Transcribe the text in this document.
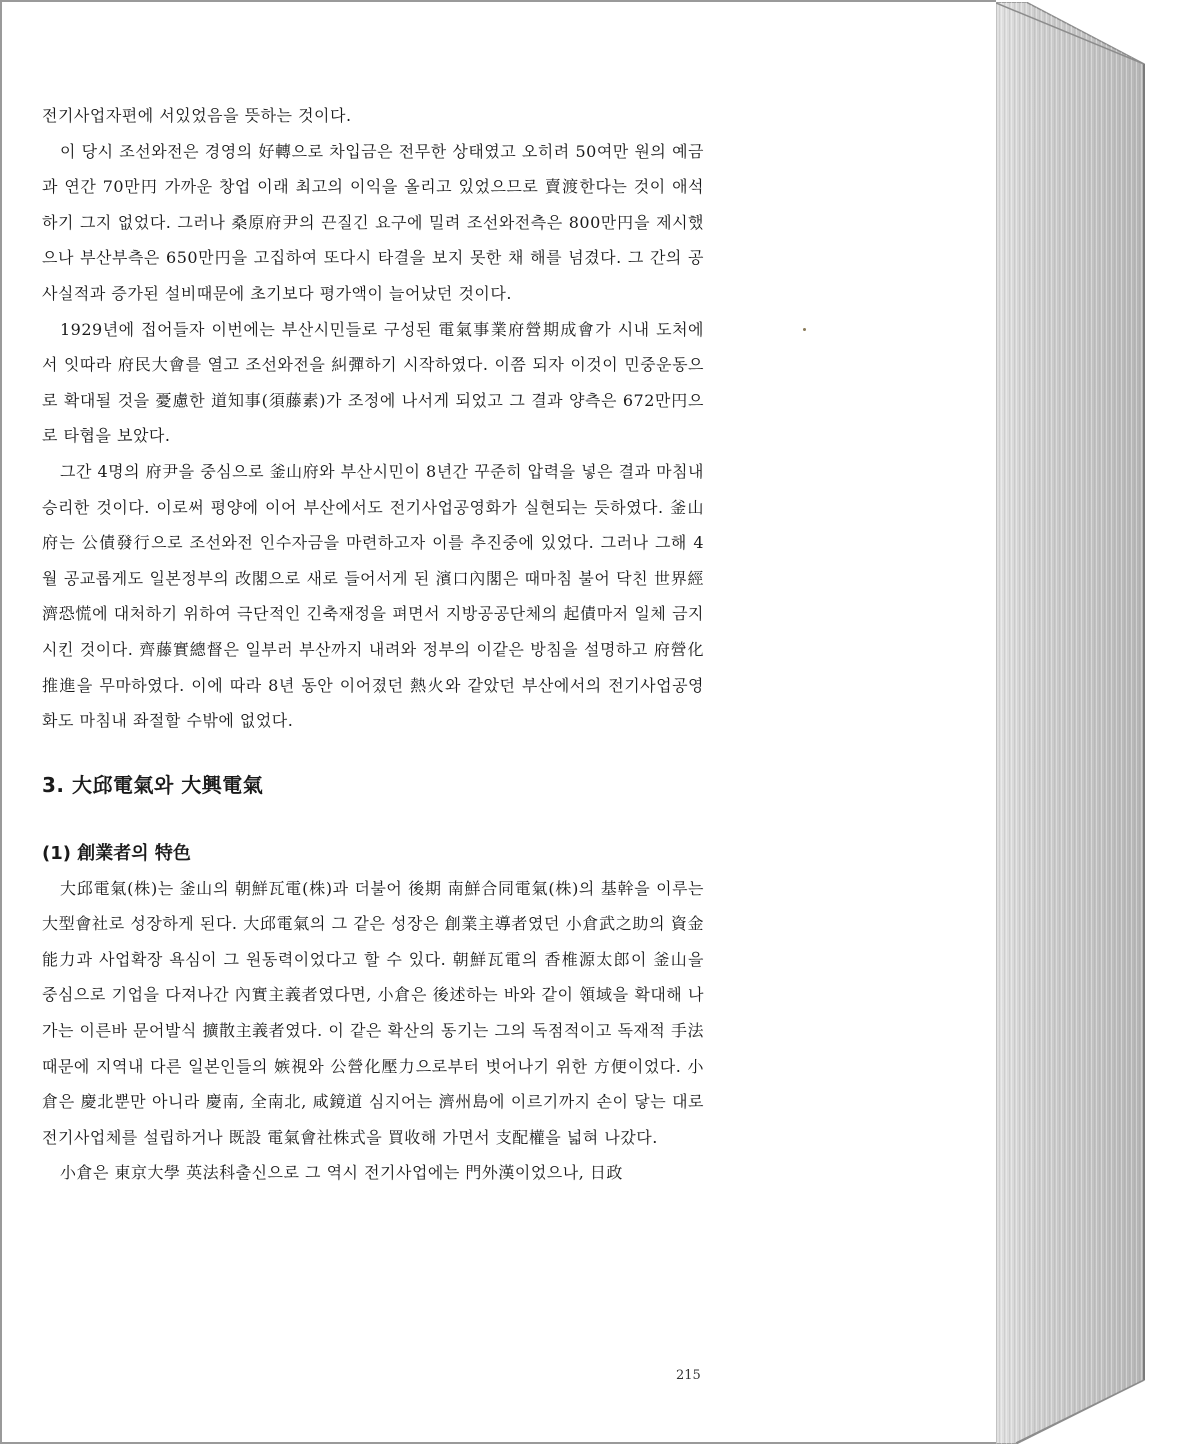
전기사업자편에 서있었음을 뜻하는 것이다.

이 당시 조선와전은 경영의 好轉으로 차입금은 전무한 상태였고 오히려 50여만 원의 예금과 연간 70만円 가까운 창업 이래 최고의 이익을 올리고 있었으므로 賣渡한다는 것이 애석하기 그지 없었다. 그러나 桑原府尹의 끈질긴 요구에 밀려 조선와전측은 800만円을 제시했으나 부산부측은 650만円을 고집하여 또다시 타결을 보지 못한 채 해를 넘겼다. 그 간의 공사실적과 증가된 설비때문에 초기보다 평가액이 늘어났던 것이다.

1929년에 접어들자 이번에는 부산시민들로 구성된 電氣事業府營期成會가 시내 도처에서 잇따라 府民大會를 열고 조선와전을 糾彈하기 시작하였다. 이쯤 되자 이것이 민중운동으로 확대될 것을 憂慮한 道知事(須藤素)가 조정에 나서게 되었고 그 결과 양측은 672만円으로 타협을 보았다.

그간 4명의 府尹을 중심으로 釜山府와 부산시민이 8년간 꾸준히 압력을 넣은 결과 마침내 승리한 것이다. 이로써 평양에 이어 부산에서도 전기사업공영화가 실현되는 듯하였다. 釜山府는 公債發行으로 조선와전 인수자금을 마련하고자 이를 추진중에 있었다. 그러나 그해 4월 공교롭게도 일본정부의 改閣으로 새로 들어서게 된 濱口內閣은 때마침 불어 닥친 世界經濟恐慌에 대처하기 위하여 극단적인 긴축재정을 펴면서 지방공공단체의 起債마저 일체 금지시킨 것이다. 齊藤實總督은 일부러 부산까지 내려와 정부의 이같은 방침을 설명하고 府營化推進을 무마하였다. 이에 따라 8년 동안 이어졌던 熱火와 같았던 부산에서의 전기사업공영화도 마침내 좌절할 수밖에 없었다.

3. 大邱電氣와 大興電氣
(1) 創業者의 特色

大邱電氣(株)는 釜山의 朝鮮瓦電(株)과 더불어 後期 南鮮合同電氣(株)의 基幹을 이루는 大型會社로 성장하게 된다. 大邱電氣의 그 같은 성장은 創業主導者였던 小倉武之助의 資金能力과 사업확장 욕심이 그 원동력이었다고 할 수 있다. 朝鮮瓦電의 香椎源太郎이 釜山을 중심으로 기업을 다져나간 內實主義者였다면, 小倉은 後述하는 바와 같이 領域을 확대해 나가는 이른바 문어발식 擴散主義者였다. 이 같은 확산의 동기는 그의 독점적이고 독재적 手法 때문에 지역내 다른 일본인들의 嫉視와 公營化壓力으로부터 벗어나기 위한 方便이었다. 小倉은 慶北뿐만 아니라 慶南, 全南北, 咸鏡道 심지어는 濟州島에 이르기까지 손이 닿는 대로 전기사업체를 설립하거나 既設 電氣會社株式을 買收해 가면서 支配權을 넓혀 나갔다.

小倉은 東京大學 英法科출신으로 그 역시 전기사업에는 門外漢이었으나, 日政

215
